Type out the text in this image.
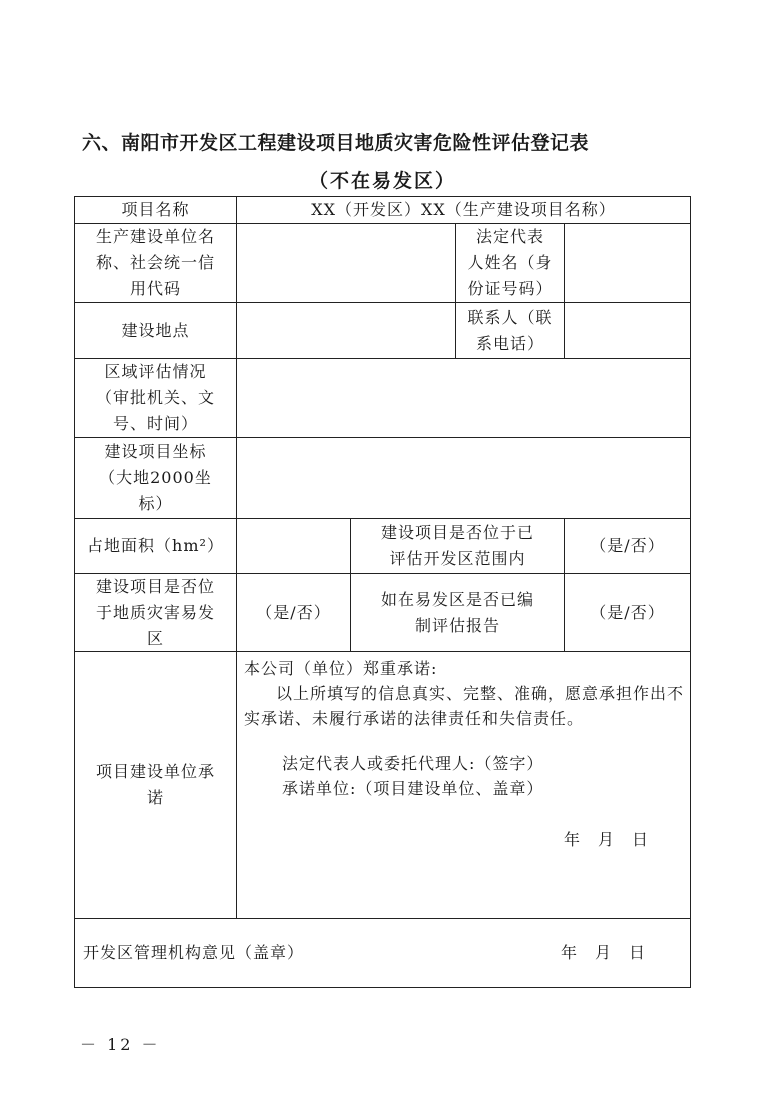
六、南阳市开发区工程建设项目地质灾害危险性评估登记表
（不在易发区）
项目名称	XX（开发区）XX（生产建设项目名称）
生产建设单位名
称、社会统一信
用代码
法定代表
人姓名（身
份证号码）
建设地点
联系人（联
系电话）
区域评估情况
（审批机关、文
号、时间）
建设项目坐标
（大地2000坐
标）
占地面积（hm²）
建设项目是否位于已
评估开发区范围内
（是/否）
建设项目是否位
于地质灾害易发
区
（是/否）
如在易发区是否已编
制评估报告
（是/否）
项目建设单位承
诺

本公司（单位）郑重承诺:

以上所填写的信息真实、完整、准确，愿意承担作出不实承诺、未履行承诺的法律责任和失信责任。

法定代表人或委托代理人:（签字）

承诺单位:（项目建设单位、盖章）

年　月　日

开发区管理机构意见（盖章）	年　月　日
－ 12 －
